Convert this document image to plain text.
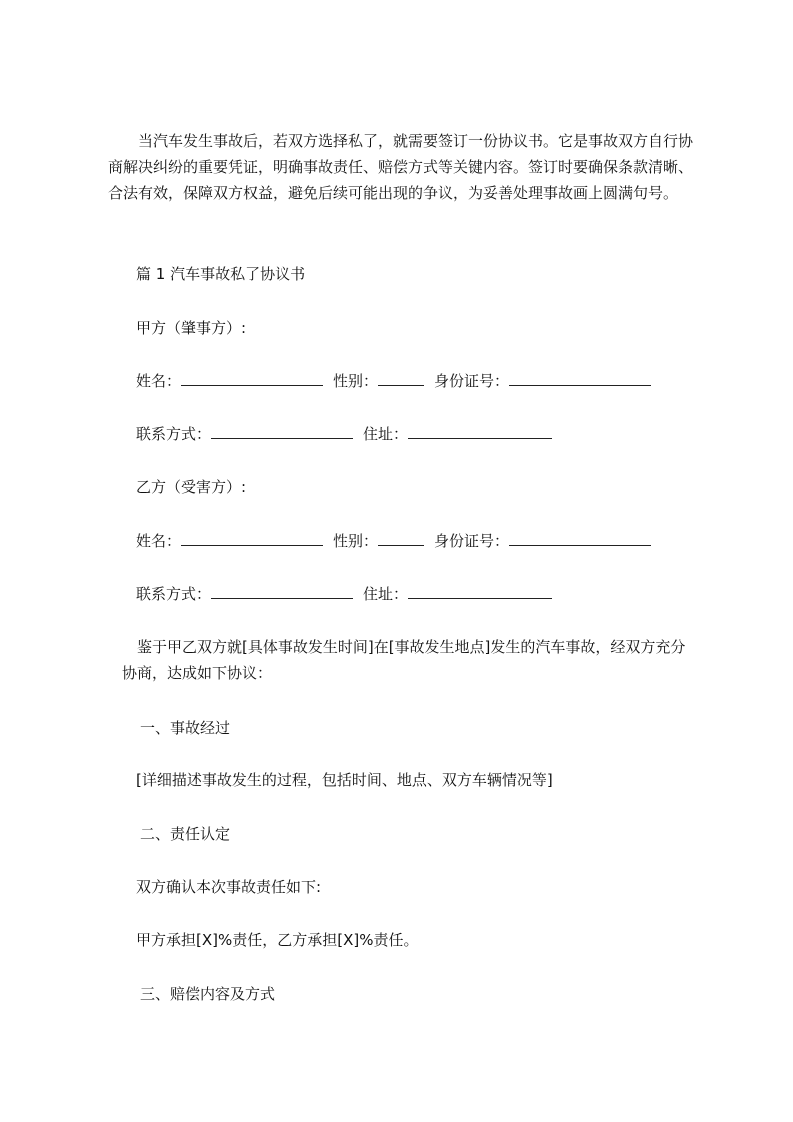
当汽车发生事故后，若双方选择私了，就需要签订一份协议书。它是事故双方自行协商解决纠纷的重要凭证，明确事故责任、赔偿方式等关键内容。签订时要确保条款清晰、合法有效，保障双方权益，避免后续可能出现的争议，为妥善处理事故画上圆满句号。

篇 1 汽车事故私了协议书
甲方（肇事方）:
姓名：	性别：	身份证号：
联系方式：	住址：
乙方（受害方）:
姓名：	性别：	身份证号：
联系方式：	住址：

鉴于甲乙双方就[具体事故发生时间]在[事故发生地点]发生的汽车事故，经双方充分协商，达成如下协议：

一、事故经过
[详细描述事故发生的过程，包括时间、地点、双方车辆情况等]
二、责任认定
双方确认本次事故责任如下:
甲方承担[X]%责任，乙方承担[X]%责任。
三、赔偿内容及方式
